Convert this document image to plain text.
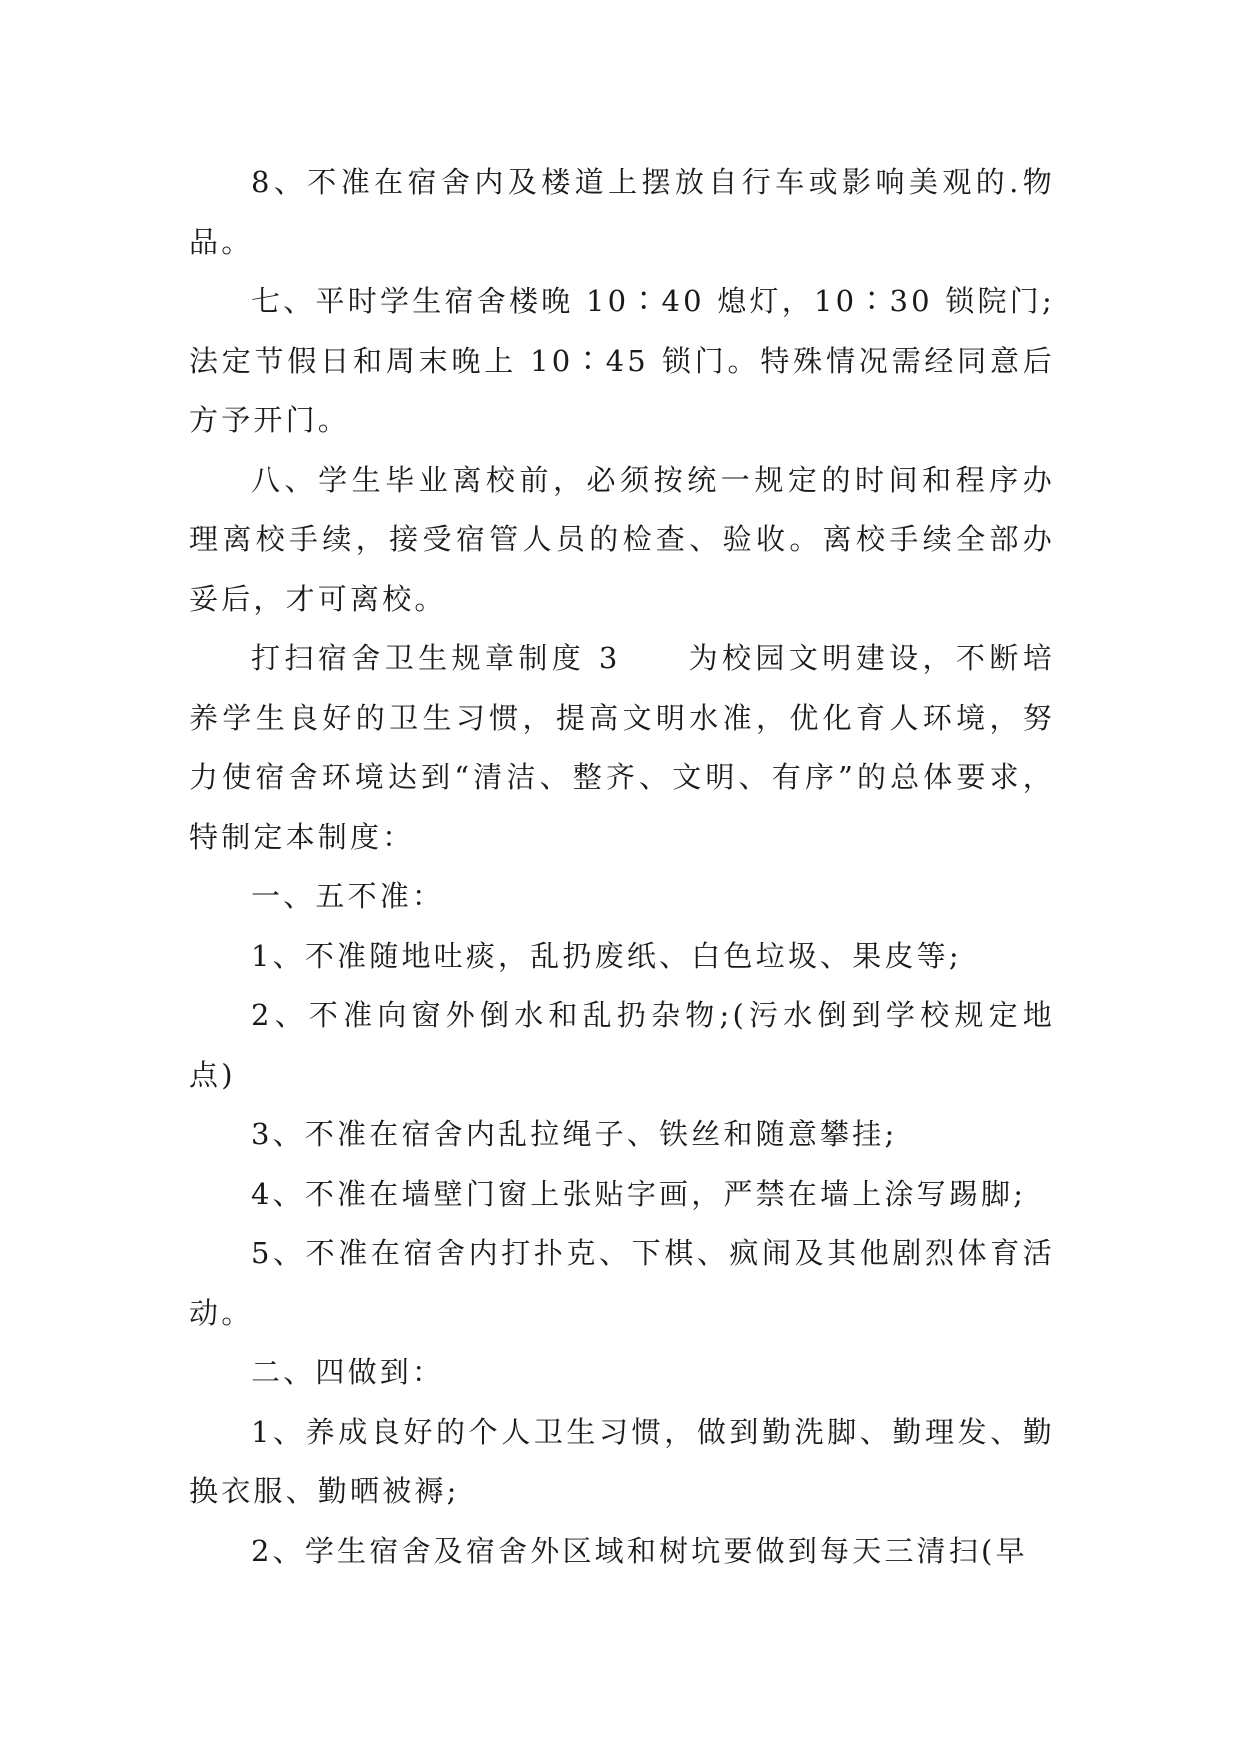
8、不准在宿舍内及楼道上摆放自行车或影响美观的.物品。

七、平时学生宿舍楼晚 10∶40 熄灯，10∶30 锁院门;法定节假日和周末晚上 10∶45 锁门。特殊情况需经同意后方予开门。

八、学生毕业离校前，必须按统一规定的时间和程序办理离校手续，接受宿管人员的检查、验收。离校手续全部办妥后，才可离校。

打扫宿舍卫生规章制度 3　　为校园文明建设，不断培养学生良好的卫生习惯，提高文明水准，优化育人环境，努力使宿舍环境达到“清洁、整齐、文明、有序”的总体要求，特制定本制度：

一、五不准：

1、不准随地吐痰，乱扔废纸、白色垃圾、果皮等;

2、不准向窗外倒水和乱扔杂物;(污水倒到学校规定地点)

3、不准在宿舍内乱拉绳子、铁丝和随意攀挂;

4、不准在墙壁门窗上张贴字画，严禁在墙上涂写踢脚;

5、不准在宿舍内打扑克、下棋、疯闹及其他剧烈体育活动。

二、四做到：

1、养成良好的个人卫生习惯，做到勤洗脚、勤理发、勤换衣服、勤晒被褥;

2、学生宿舍及宿舍外区域和树坑要做到每天三清扫(早
